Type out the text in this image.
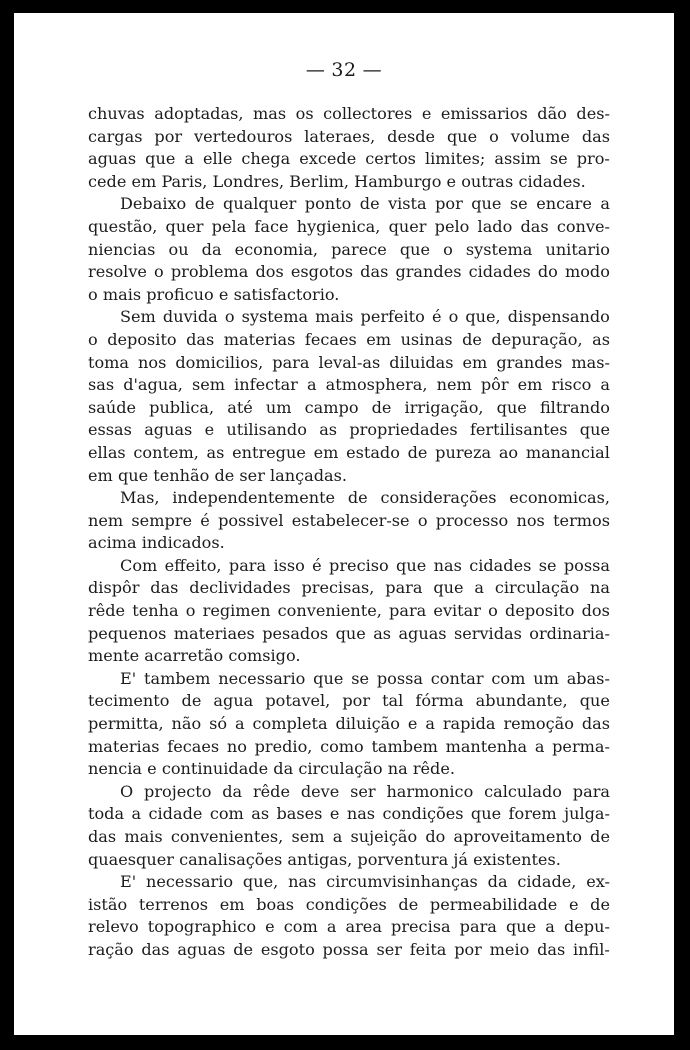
— 32 —
chuvas adoptadas, mas os collectores e emissarios dão des-
cargas por vertedouros lateraes, desde que o volume das
aguas que a elle chega excede certos limites; assim se pro-
cede em Paris, Londres, Berlim, Hamburgo e outras cidades.
Debaixo de qualquer ponto de vista por que se encare a
questão, quer pela face hygienica, quer pelo lado das conve-
niencias ou da economia, parece que o systema unitario
resolve o problema dos esgotos das grandes cidades do modo
o mais proficuo e satisfactorio.
Sem duvida o systema mais perfeito é o que, dispensando
o deposito das materias fecaes em usinas de depuração, as
toma nos domicilios, para leval-as diluidas em grandes mas-
sas d'agua, sem infectar a atmosphera, nem pôr em risco a
saúde publica, até um campo de irrigação, que filtrando
essas aguas e utilisando as propriedades fertilisantes que
ellas contem, as entregue em estado de pureza ao manancial
em que tenhão de ser lançadas.
Mas, independentemente de considerações economicas,
nem sempre é possivel estabelecer-se o processo nos termos
acima indicados.
Com effeito, para isso é preciso que nas cidades se possa
dispôr das declividades precisas, para que a circulação na
rêde tenha o regimen conveniente, para evitar o deposito dos
pequenos materiaes pesados que as aguas servidas ordinaria-
mente acarretão comsigo.
E' tambem necessario que se possa contar com um abas-
tecimento de agua potavel, por tal fórma abundante, que
permitta, não só a completa diluição e a rapida remoção das
materias fecaes no predio, como tambem mantenha a perma-
nencia e continuidade da circulação na rêde.
O projecto da rêde deve ser harmonico calculado para
toda a cidade com as bases e nas condições que forem julga-
das mais convenientes, sem a sujeição do aproveitamento de
quaesquer canalisações antigas, porventura já existentes.
E' necessario que, nas circumvisinhanças da cidade, ex-
istão terrenos em boas condições de permeabilidade e de
relevo topographico e com a area precisa para que a depu-
ração das aguas de esgoto possa ser feita por meio das infil-
